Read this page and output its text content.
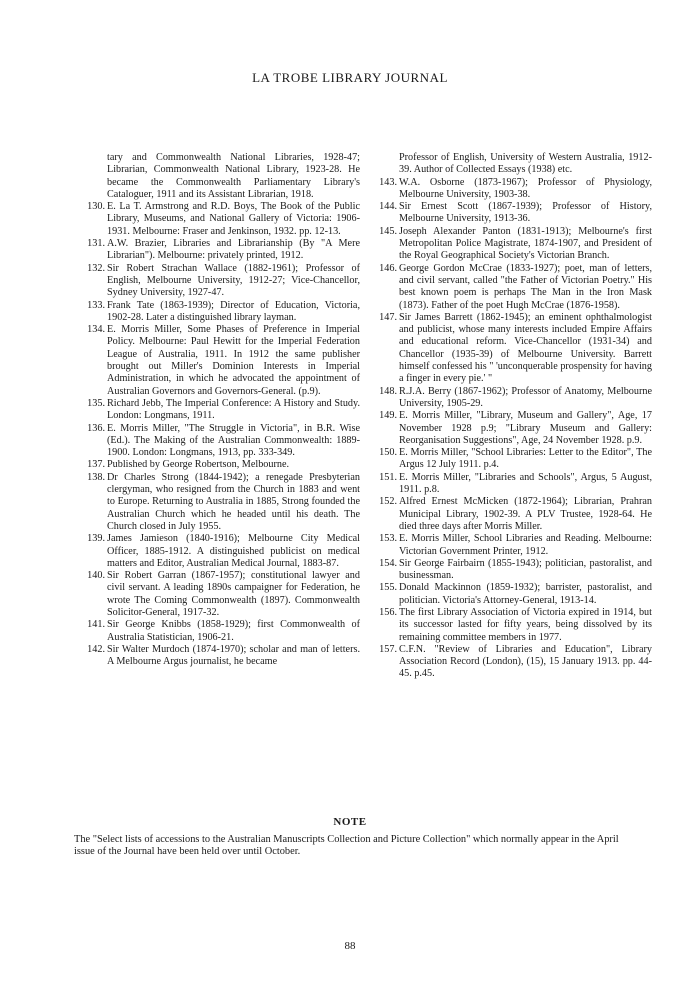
LA TROBE LIBRARY JOURNAL

tary and Commonwealth National Libraries, 1928-47; Librarian, Commonwealth National Library, 1923-28. He became the Commonwealth Parliamentary Library's Cataloguer, 1911 and its Assistant Librarian, 1918.

130. E. La T. Armstrong and R.D. Boys, The Book of the Public Library, Museums, and National Gallery of Victoria: 1906-1931. Melbourne: Fraser and Jenkinson, 1932. pp. 12-13.

131. A.W. Brazier, Libraries and Librarianship (By "A Mere Librarian"). Melbourne: privately printed, 1912.

132. Sir Robert Strachan Wallace (1882-1961); Professor of English, Melbourne University, 1912-27; Vice-Chancellor, Sydney University, 1927-47.

133. Frank Tate (1863-1939); Director of Education, Victoria, 1902-28. Later a distinguished library layman.

134. E. Morris Miller, Some Phases of Preference in Imperial Policy. Melbourne: Paul Hewitt for the Imperial Federation League of Australia, 1911. In 1912 the same publisher brought out Miller's Dominion Interests in Imperial Administration, in which he advocated the appointment of Australian Governors and Governors-General. (p.9).

135. Richard Jebb, The Imperial Conference: A History and Study. London: Longmans, 1911.

136. E. Morris Miller, "The Struggle in Victoria", in B.R. Wise (Ed.). The Making of the Australian Commonwealth: 1889-1900. London: Longmans, 1913, pp. 333-349.

137. Published by George Robertson, Melbourne.

138. Dr Charles Strong (1844-1942); a renegade Presbyterian clergyman, who resigned from the Church in 1883 and went to Europe. Returning to Australia in 1885, Strong founded the Australian Church which he headed until his death. The Church closed in July 1955.

139. James Jamieson (1840-1916); Melbourne City Medical Officer, 1885-1912. A distinguished publicist on medical matters and Editor, Australian Medical Journal, 1883-87.

140. Sir Robert Garran (1867-1957); constitutional lawyer and civil servant. A leading 1890s campaigner for Federation, he wrote The Coming Commonwealth (1897). Commonwealth Solicitor-General, 1917-32.

141. Sir George Knibbs (1858-1929); first Commonwealth of Australia Statistician, 1906-21.

142. Sir Walter Murdoch (1874-1970); scholar and man of letters. A Melbourne Argus journalist, he became

Professor of English, University of Western Australia, 1912-39. Author of Collected Essays (1938) etc.

143. W.A. Osborne (1873-1967); Professor of Physiology, Melbourne University, 1903-38.

144. Sir Ernest Scott (1867-1939); Professor of History, Melbourne University, 1913-36.

145. Joseph Alexander Panton (1831-1913); Melbourne's first Metropolitan Police Magistrate, 1874-1907, and President of the Royal Geographical Society's Victorian Branch.

146. George Gordon McCrae (1833-1927); poet, man of letters, and civil servant, called "the Father of Victorian Poetry." His best known poem is perhaps The Man in the Iron Mask (1873). Father of the poet Hugh McCrae (1876-1958).

147. Sir James Barrett (1862-1945); an eminent ophthalmologist and publicist, whose many interests included Empire Affairs and educational reform. Vice-Chancellor (1931-34) and Chancellor (1935-39) of Melbourne University. Barrett himself confessed his " 'unconquerable prospensity for having a finger in every pie.' "

148. R.J.A. Berry (1867-1962); Professor of Anatomy, Melbourne University, 1905-29.

149. E. Morris Miller, "Library, Museum and Gallery", Age, 17 November 1928 p.9; "Library Museum and Gallery: Reorganisation Suggestions", Age, 24 November 1928. p.9.

150. E. Morris Miller, "School Libraries: Letter to the Editor", The Argus 12 July 1911. p.4.

151. E. Morris Miller, "Libraries and Schools", Argus, 5 August, 1911. p.8.

152. Alfred Ernest McMicken (1872-1964); Librarian, Prahran Municipal Library, 1902-39. A PLV Trustee, 1928-64. He died three days after Morris Miller.

153. E. Morris Miller, School Libraries and Reading. Melbourne: Victorian Government Printer, 1912.

154. Sir George Fairbairn (1855-1943); politician, pastoralist, and businessman.

155. Donald Mackinnon (1859-1932); barrister, pastoralist, and politician. Victoria's Attorney-General, 1913-14.

156. The first Library Association of Victoria expired in 1914, but its successor lasted for fifty years, being dissolved by its remaining committee members in 1977.

157. C.F.N. "Review of Libraries and Education", Library Association Record (London), (15), 15 January 1913. pp. 44-45. p.45.

NOTE
The "Select lists of accessions to the Australian Manuscripts Collection and Picture Collection" which normally appear in the April issue of the Journal have been held over until October.
88
